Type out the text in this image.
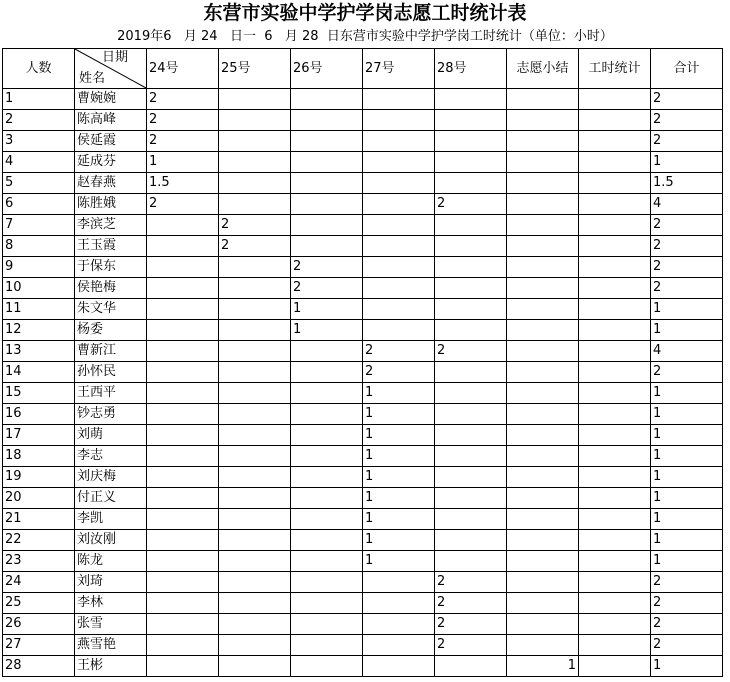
东营市实验中学护学岗志愿工时统计表
2019年6   月 24   日一  6   月 28  日东营市实验中学护学岗工时统计（单位：小时）
人数	日期
姓名	24号	25号	26号	27号	28号	志愿小结	工时统计	合计
1	曹婉婉	2							2
2	陈高峰	2							2
3	侯延霞	2							2
4	延成芬	1							1
5	赵春燕	1.5							1.5
6	陈胜娥	2				2			4
7	李滨芝		2						2
8	王玉霞		2						2
9	于保东			2					2
10	侯艳梅			2					2
11	朱文华			1					1
12	杨委			1					1
13	曹新江				2	2			4
14	孙怀民				2				2
15	王西平				1				1
16	钞志勇				1				1
17	刘萌				1				1
18	李志				1				1
19	刘庆梅				1				1
20	付正义				1				1
21	李凯				1				1
22	刘汝刚				1				1
23	陈龙				1				1
24	刘琦					2			2
25	李林					2			2
26	张雪					2			2
27	燕雪艳					2			2
28	王彬						1		1
